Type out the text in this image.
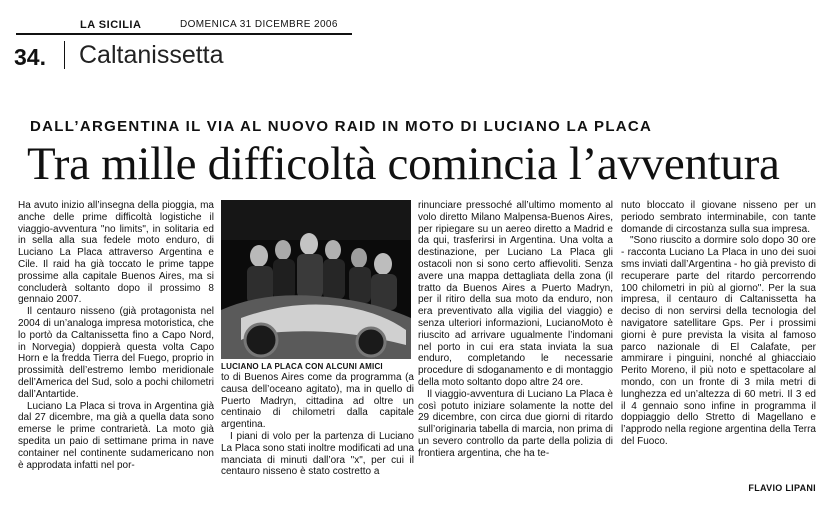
LA SICILIA	DOMENICA 31 DICEMBRE 2006
34. Caltanissetta
DALL’ARGENTINA IL VIA AL NUOVO RAID IN MOTO DI LUCIANO LA PLACA
Tra mille difficoltà comincia l’avventura

Ha avuto inizio all’insegna della pioggia, ma anche delle prime difficoltà logistiche il viaggio-avventura "no limits", in solitaria ed in sella alla sua fedele moto enduro, di Luciano La Placa attraverso Argentina e Cile. Il raid ha già toccato le prime tappe prossime alla capitale Buenos Aires, ma si concluderà soltanto dopo il prossimo 8 gennaio 2007.

Il centauro nisseno (già protagonista nel 2004 di un’analoga impresa motoristica, che lo portò da Caltanissetta fino a Capo Nord, in Norvegia) doppierà questa volta Capo Horn e la fredda Tierra del Fuego, proprio in prossimità dell’estremo lembo meridionale dell’America del Sud, solo a pochi chilometri dall’Antartide.

Luciano La Placa si trova in Argentina già dal 27 dicembre, ma già a quella data sono emerse le prime contrarietà. La moto già spedita un paio di settimane prima in nave container nel continente sudamericano non è approdata infatti nel por-

LUCIANO LA PLACA CON ALCUNI AMICI

to di Buenos Aires come da programma (a causa dell’oceano agitato), ma in quello di Puerto Madryn, cittadina ad oltre un centinaio di chilometri dalla capitale argentina.

I piani di volo per la partenza di Luciano La Placa sono stati inoltre modificati ad una manciata di minuti dall’ora "x", per cui il centauro nisseno è stato costretto a

rinunciare pressoché all’ultimo momento al volo diretto Milano Malpensa-Buenos Aires, per ripiegare su un aereo diretto a Madrid e da qui, trasferirsi in Argentina. Una volta a destinazione, per Luciano La Placa gli ostacoli non si sono certo affievoliti. Senza avere una mappa dettagliata della zona (il tratto da Buenos Aires a Puerto Madryn, per il ritiro della sua moto da enduro, non era preventivato alla vigilia del viaggio) e senza ulteriori informazioni, LucianoMoto è riuscito ad arrivare ugualmente l’indomani nel porto in cui era stata inviata la sua enduro, completando le necessarie procedure di sdoganamento e di montaggio della moto soltanto dopo altre 24 ore.

Il viaggio-avventura di Luciano La Placa è così potuto iniziare solamente la notte del 29 dicembre, con circa due giorni di ritardo sull’originaria tabella di marcia, non prima di un severo controllo da parte della polizia di frontiera argentina, che ha te-

nuto bloccato il giovane nisseno per un periodo sembrato interminabile, con tante domande di circostanza sulla sua impresa.

"Sono riuscito a dormire solo dopo 30 ore - racconta Luciano La Placa in uno dei suoi sms inviati dall’Argentina - ho già previsto di recuperare parte del ritardo percorrendo 100 chilometri in più al giorno". Per la sua impresa, il centauro di Caltanissetta ha deciso di non servirsi della tecnologia del navigatore satellitare Gps. Per i prossimi giorni è pure prevista la visita al famoso parco nazionale di El Calafate, per ammirare i pinguini, nonché al ghiacciaio Perito Moreno, il più noto e spettacolare al mondo, con un fronte di 3 mila metri di lunghezza ed un’altezza di 60 metri. Il 3 ed il 4 gennaio sono infine in programma il doppiaggio dello Stretto di Magellano e l’approdo nella regione argentina della Terra del Fuoco.

FLAVIO LIPANI
